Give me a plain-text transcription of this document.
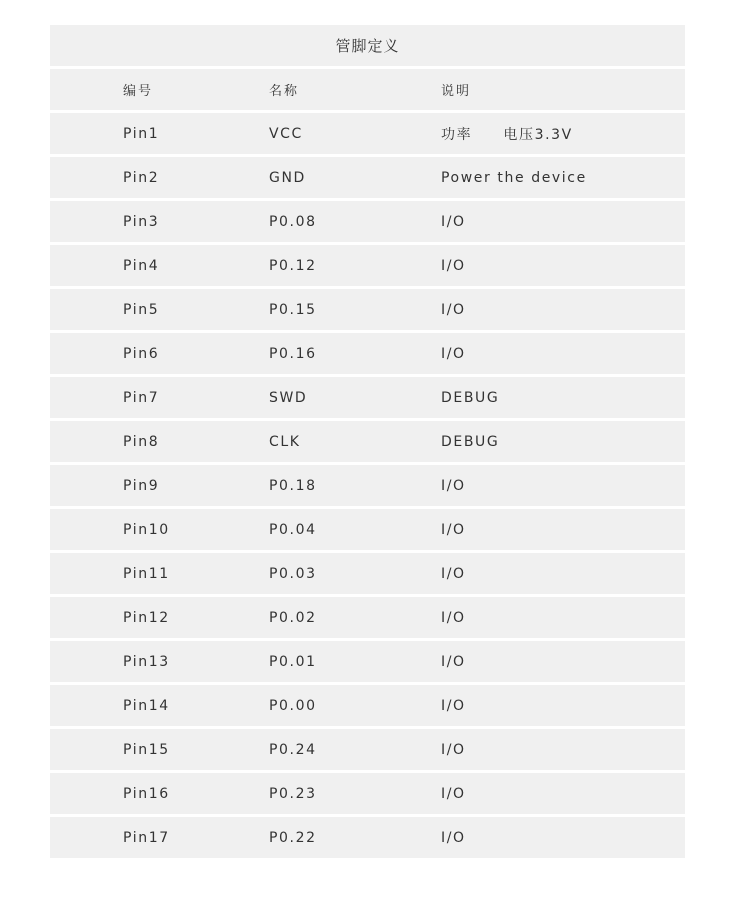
管脚定义
编号	名称	说明
Pin1	VCC	功率　　电压3.3V
Pin2	GND	Power the device
Pin3	P0.08	I/O
Pin4	P0.12	I/O
Pin5	P0.15	I/O
Pin6	P0.16	I/O
Pin7	SWD	DEBUG
Pin8	CLK	DEBUG
Pin9	P0.18	I/O
Pin10	P0.04	I/O
Pin11	P0.03	I/O
Pin12	P0.02	I/O
Pin13	P0.01	I/O
Pin14	P0.00	I/O
Pin15	P0.24	I/O
Pin16	P0.23	I/O
Pin17	P0.22	I/O
